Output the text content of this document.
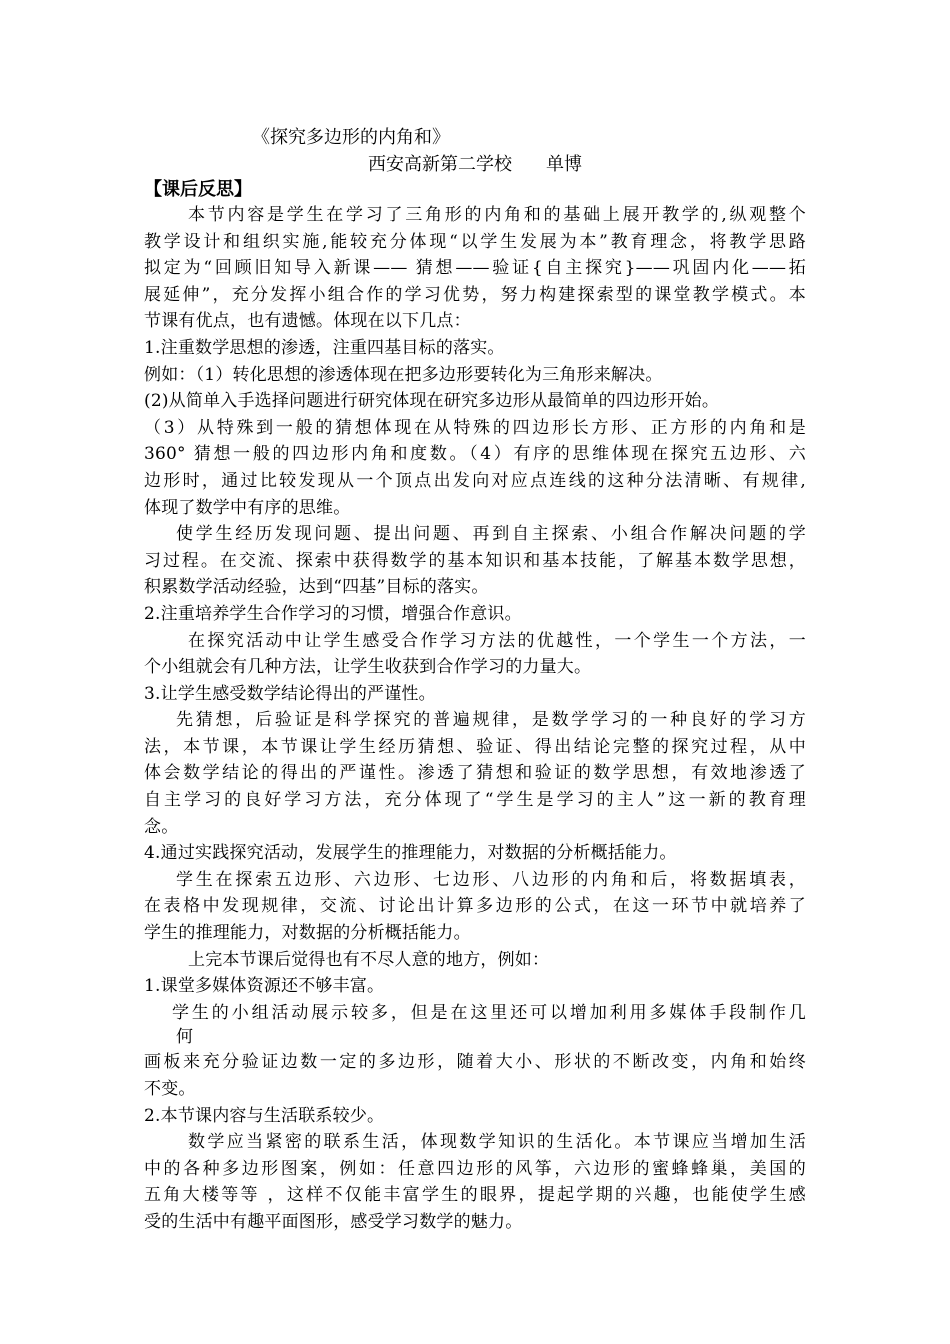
《探究多边形的内角和》
西安高新第二学校 单博
【课后反思】
本节内容是学生在学习了三角形的内角和的基础上展开教学的,纵观整个
教学设计和组织实施,能较充分体现“以学生发展为本”教育理念，将教学思路
拟定为“回顾旧知导入新课—— 猜想——验证{自主探究}——巩固内化——拓
展延伸”，充分发挥小组合作的学习优势，努力构建探索型的课堂教学模式。本
节课有优点，也有遗憾。体现在以下几点：
1.注重数学思想的渗透，注重四基目标的落实。
例如：（1）转化思想的渗透体现在把多边形要转化为三角形来解决。
(2)从简单入手选择问题进行研究体现在研究多边形从最简单的四边形开始。
（3）从特殊到一般的猜想体现在从特殊的四边形长方形、正方形的内角和是
360° 猜想一般的四边形内角和度数。（4）有序的思维体现在探究五边形、六
边形时，通过比较发现从一个顶点出发向对应点连线的这种分法清晰、有规律,
体现了数学中有序的思维。
使学生经历发现问题、提出问题、再到自主探索、小组合作解决问题的学
习过程。在交流、探索中获得数学的基本知识和基本技能，了解基本数学思想，
积累数学活动经验，达到“四基”目标的落实。
2.注重培养学生合作学习的习惯，增强合作意识。
在探究活动中让学生感受合作学习方法的优越性，一个学生一个方法，一
个小组就会有几种方法，让学生收获到合作学习的力量大。
3.让学生感受数学结论得出的严谨性。
先猜想，后验证是科学探究的普遍规律，是数学学习的一种良好的学习方
法，本节课，本节课让学生经历猜想、验证、得出结论完整的探究过程，从中
体会数学结论的得出的严谨性。渗透了猜想和验证的数学思想，有效地渗透了
自主学习的良好学习方法，充分体现了“学生是学习的主人”这一新的教育理
念。
4.通过实践探究活动，发展学生的推理能力，对数据的分析概括能力。
学生在探索五边形、六边形、七边形、八边形的内角和后，将数据填表，
在表格中发现规律，交流、讨论出计算多边形的公式，在这一环节中就培养了
学生的推理能力，对数据的分析概括能力。
上完本节课后觉得也有不尽人意的地方，例如：
1.课堂多媒体资源还不够丰富。
学生的小组活动展示较多，但是在这里还可以增加利用多媒体手段制作几
何
画板来充分验证边数一定的多边形，随着大小、形状的不断改变，内角和始终
不变。
2.本节课内容与生活联系较少。
数学应当紧密的联系生活，体现数学知识的生活化。本节课应当增加生活
中的各种多边形图案，例如：任意四边形的风筝，六边形的蜜蜂蜂巢，美国的
五角大楼等等 ，这样不仅能丰富学生的眼界，提起学期的兴趣，也能使学生感
受的生活中有趣平面图形，感受学习数学的魅力。
